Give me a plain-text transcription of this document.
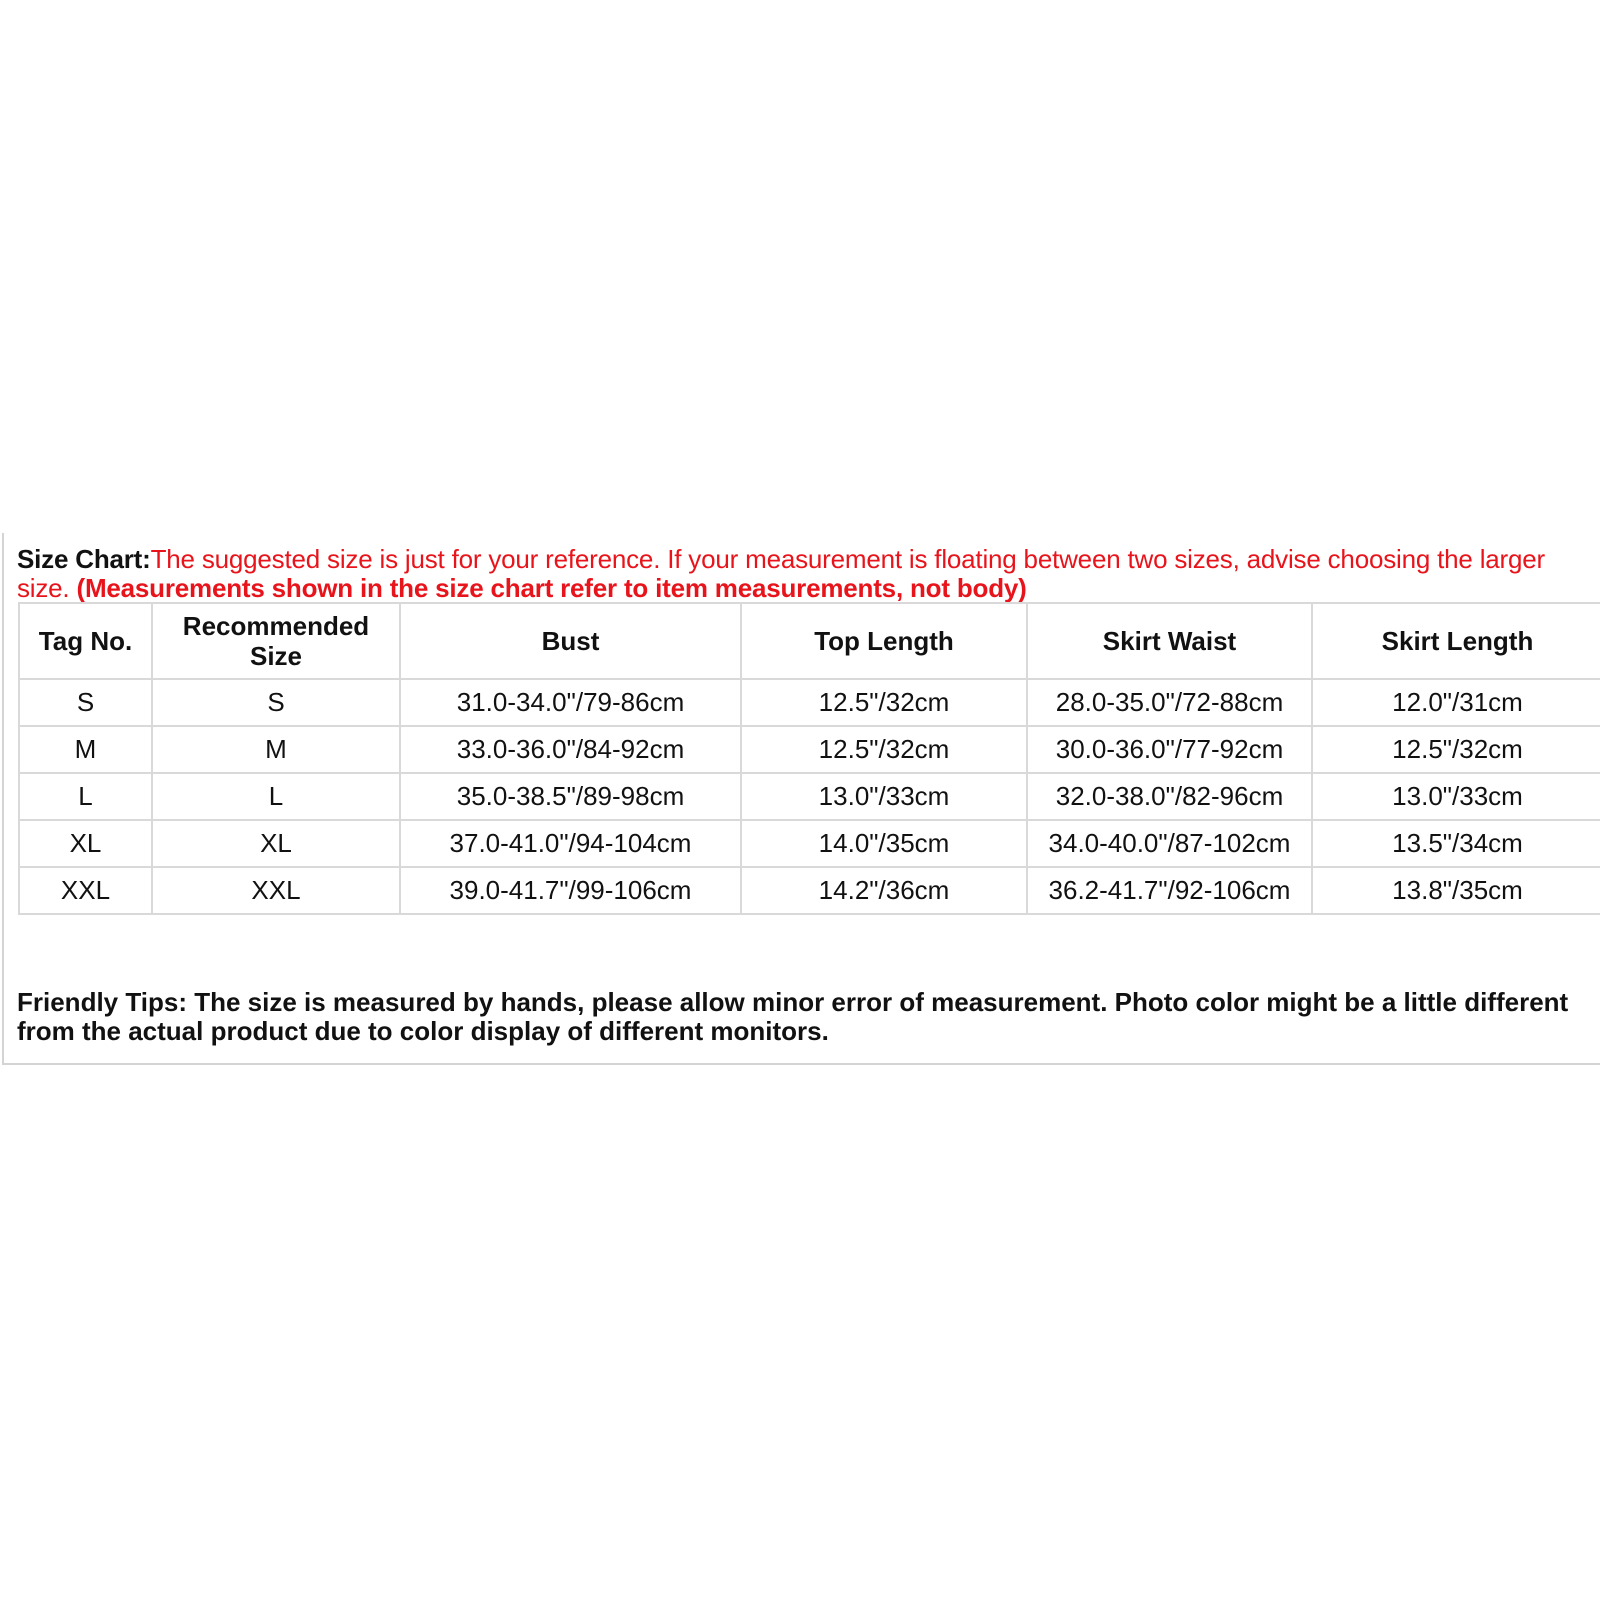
Size Chart:The suggested size is just for your reference. If your measurement is floating between two sizes, advise choosing the larger size. (Measurements shown in the size chart refer to item measurements, not body)
Tag No.	Recommended Size	Bust	Top Length	Skirt Waist	Skirt Length
S	S	31.0-34.0"/79-86cm	12.5"/32cm	28.0-35.0"/72-88cm	12.0"/31cm
M	M	33.0-36.0"/84-92cm	12.5"/32cm	30.0-36.0"/77-92cm	12.5"/32cm
L	L	35.0-38.5"/89-98cm	13.0"/33cm	32.0-38.0"/82-96cm	13.0"/33cm
XL	XL	37.0-41.0"/94-104cm	14.0"/35cm	34.0-40.0"/87-102cm	13.5"/34cm
XXL	XXL	39.0-41.7"/99-106cm	14.2"/36cm	36.2-41.7"/92-106cm	13.8"/35cm
Friendly Tips: The size is measured by hands, please allow minor error of measurement. Photo color might be a little different from the actual product due to color display of different monitors.
